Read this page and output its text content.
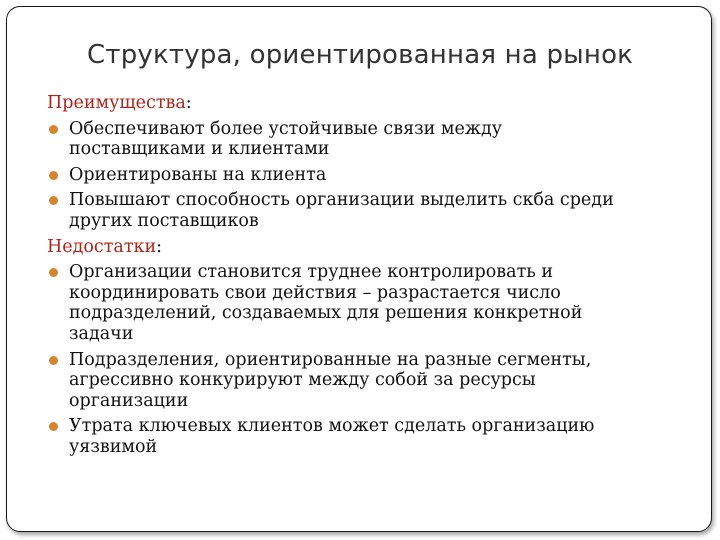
Структура, ориентированная на рынок

Преимущества:

Обеспечивают более устойчивые связи между
поставщиками и клиентами
Ориентированы на клиента
Повышают способность организации выделить скба среди
других поставщиков

Недостатки:

Организации становится труднее контролировать и
координировать свои действия – разрастается число
подразделений, создаваемых для решения конкретной
задачи
Подразделения, ориентированные на разные сегменты,
агрессивно конкурируют между собой за ресурсы
организации
Утрата ключевых клиентов может сделать организацию
уязвимой
